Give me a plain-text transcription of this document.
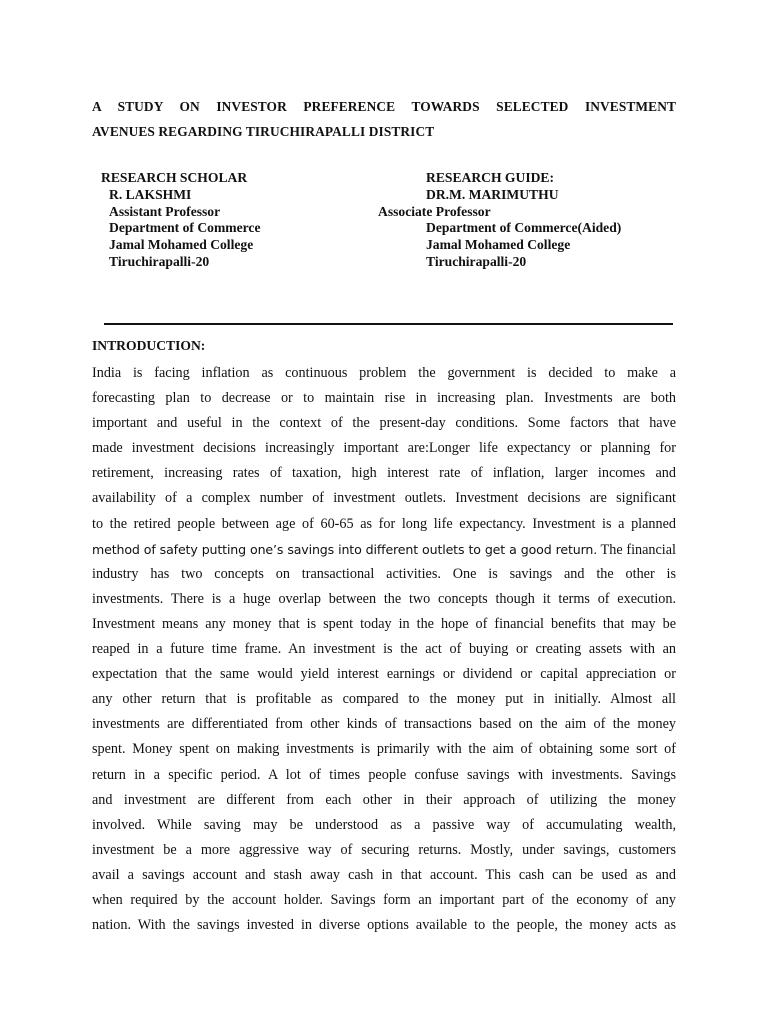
A STUDY ON INVESTOR PREFERENCE TOWARDS SELECTED INVESTMENT
AVENUES REGARDING TIRUCHIRAPALLI DISTRICT
RESEARCH SCHOLAR
R. LAKSHMI
Assistant Professor
Department of Commerce
Jamal Mohamed College
Tiruchirapalli-20
RESEARCH GUIDE:
DR.M. MARIMUTHU
Associate Professor
Department of Commerce(Aided)
Jamal Mohamed College
Tiruchirapalli-20
INTRODUCTION:
India is facing inflation as continuous problem the government is decided to make a
forecasting plan to decrease or to maintain rise in increasing plan. Investments are both
important and useful in the context of the present-day conditions. Some factors that have
made investment decisions increasingly important are:Longer life expectancy or planning for
retirement, increasing rates of taxation, high interest rate of inflation, larger incomes and
availability of a complex number of investment outlets. Investment decisions are significant
to the retired people between age of 60-65 as for long life expectancy. Investment is a planned
method of safety putting one’s savings into different outlets to get a good return. The financial
industry has two concepts on transactional activities. One is savings and the other is
investments. There is a huge overlap between the two concepts though it terms of execution.
Investment means any money that is spent today in the hope of financial benefits that may be
reaped in a future time frame. An investment is the act of buying or creating assets with an
expectation that the same would yield interest earnings or dividend or capital appreciation or
any other return that is profitable as compared to the money put in initially. Almost all
investments are differentiated from other kinds of transactions based on the aim of the money
spent. Money spent on making investments is primarily with the aim of obtaining some sort of
return in a specific period. A lot of times people confuse savings with investments. Savings
and investment are different from each other in their approach of utilizing the money
involved. While saving may be understood as a passive way of accumulating wealth,
investment be a more aggressive way of securing returns. Mostly, under savings, customers
avail a savings account and stash away cash in that account. This cash can be used as and
when required by the account holder. Savings form an important part of the economy of any
nation. With the savings invested in diverse options available to the people, the money acts as
